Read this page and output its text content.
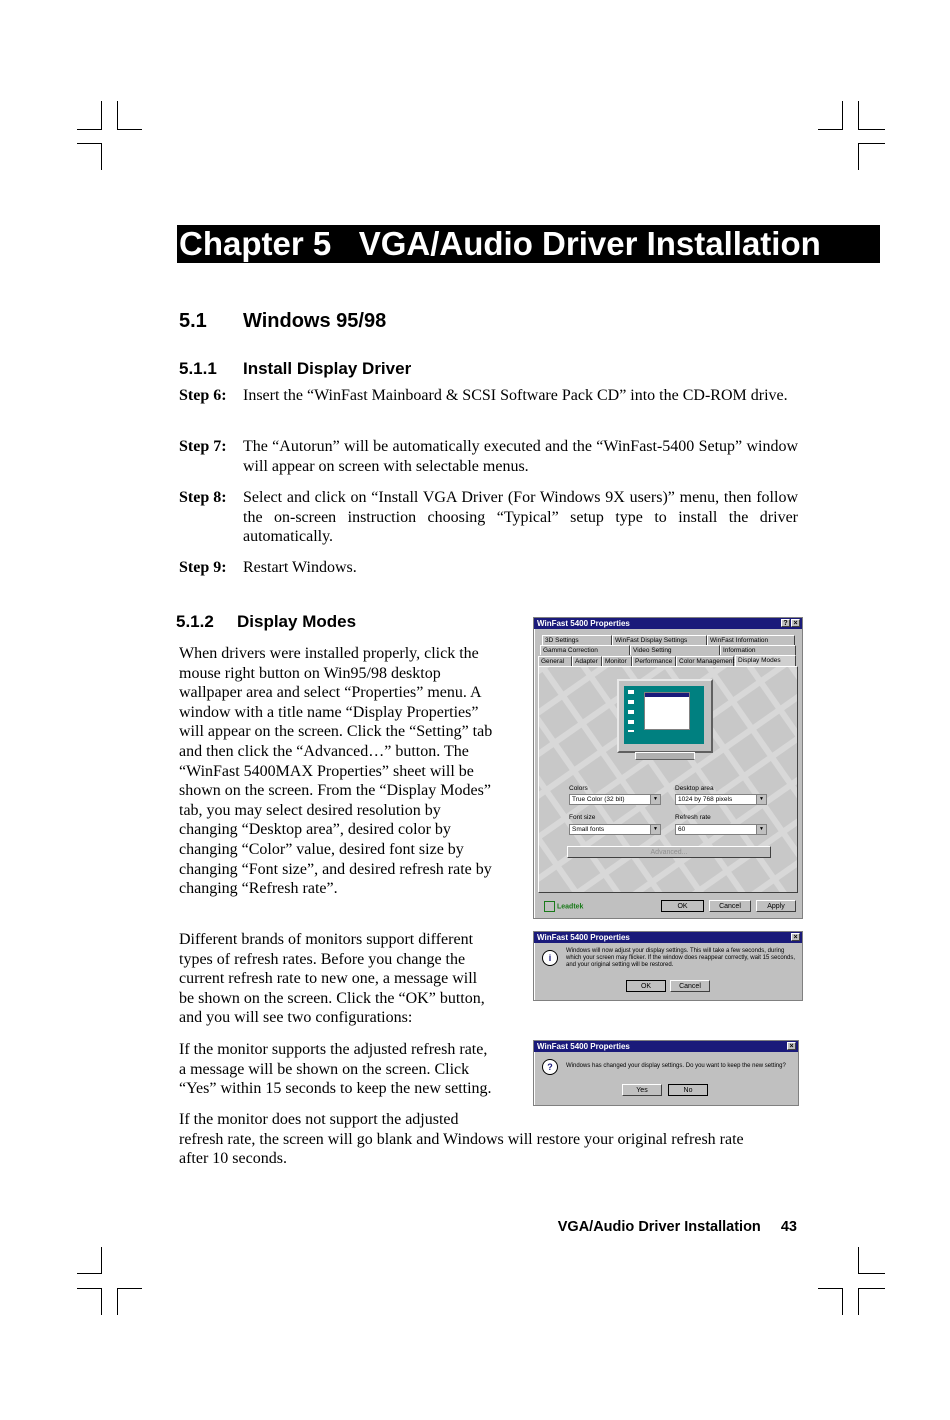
Chapter 5   VGA/Audio Driver Installation
5.1 Windows 95/98
5.1.1 Install Display Driver
Step 6: Insert the “WinFast Mainboard & SCSI Software Pack CD” into the CD-ROM drive.
Step 7: The “Autorun” will be automatically executed and the “WinFast-5400 Setup” window will appear on screen with selectable menus.
Step 8: Select and click on “Install VGA Driver (For Windows 9X users)” menu, then follow the on-screen instruction choosing “Typical” setup type to install the driver automatically.
Step 9: Restart Windows.
5.1.2 Display Modes
When drivers were installed properly, click the
mouse right button on Win95/98 desktop
wallpaper area and select “Properties” menu. A
window with a title name “Display Properties”
will appear on the screen. Click the “Setting” tab
and then click the “Advanced…” button. The
“WinFast 5400MAX Properties” sheet will be
shown on the screen. From the “Display Modes”
tab, you may select desired resolution by
changing “Desktop area”, desired color by
changing “Color” value, desired font size by
changing “Font size”, and desired refresh rate by
changing “Refresh rate”.
Different brands of monitors support different
types of refresh rates. Before you change the
current refresh rate to new one, a message will
be shown on the screen. Click the “OK” button,
and you will see two configurations:
If the monitor supports the adjusted refresh rate,
a message will be shown on the screen. Click
“Yes” within 15 seconds to keep the new setting.
If the monitor does not support the adjusted
refresh rate, the screen will go blank and Windows will restore your original refresh rate
after 10 seconds.
WinFast 5400 Properties	? ×
3D Settings	WinFast Display Settings	WinFast Information
Gamma Correction	Video Setting	Information
General	Adapter	Monitor	Performance	Color Management Display Modes
Colors
True Color (32 bit)	▼
Desktop area
1024 by 768 pixels	▼
Font size
Small fonts	▼
Refresh rate
60	▼
Advanced...
Leadtek	OK	Cancel	Apply
WinFast 5400 Properties	×
i
Windows will now adjust your display settings. This will take a few seconds, during which your screen may flicker. If the window does reappear correctly, wait 15 seconds, and your original setting will be restored.
OK	Cancel
WinFast 5400 Properties	×
?	Windows has changed your display settings. Do you want to keep the new setting?
Yes	No
VGA/Audio Driver Installation 43
